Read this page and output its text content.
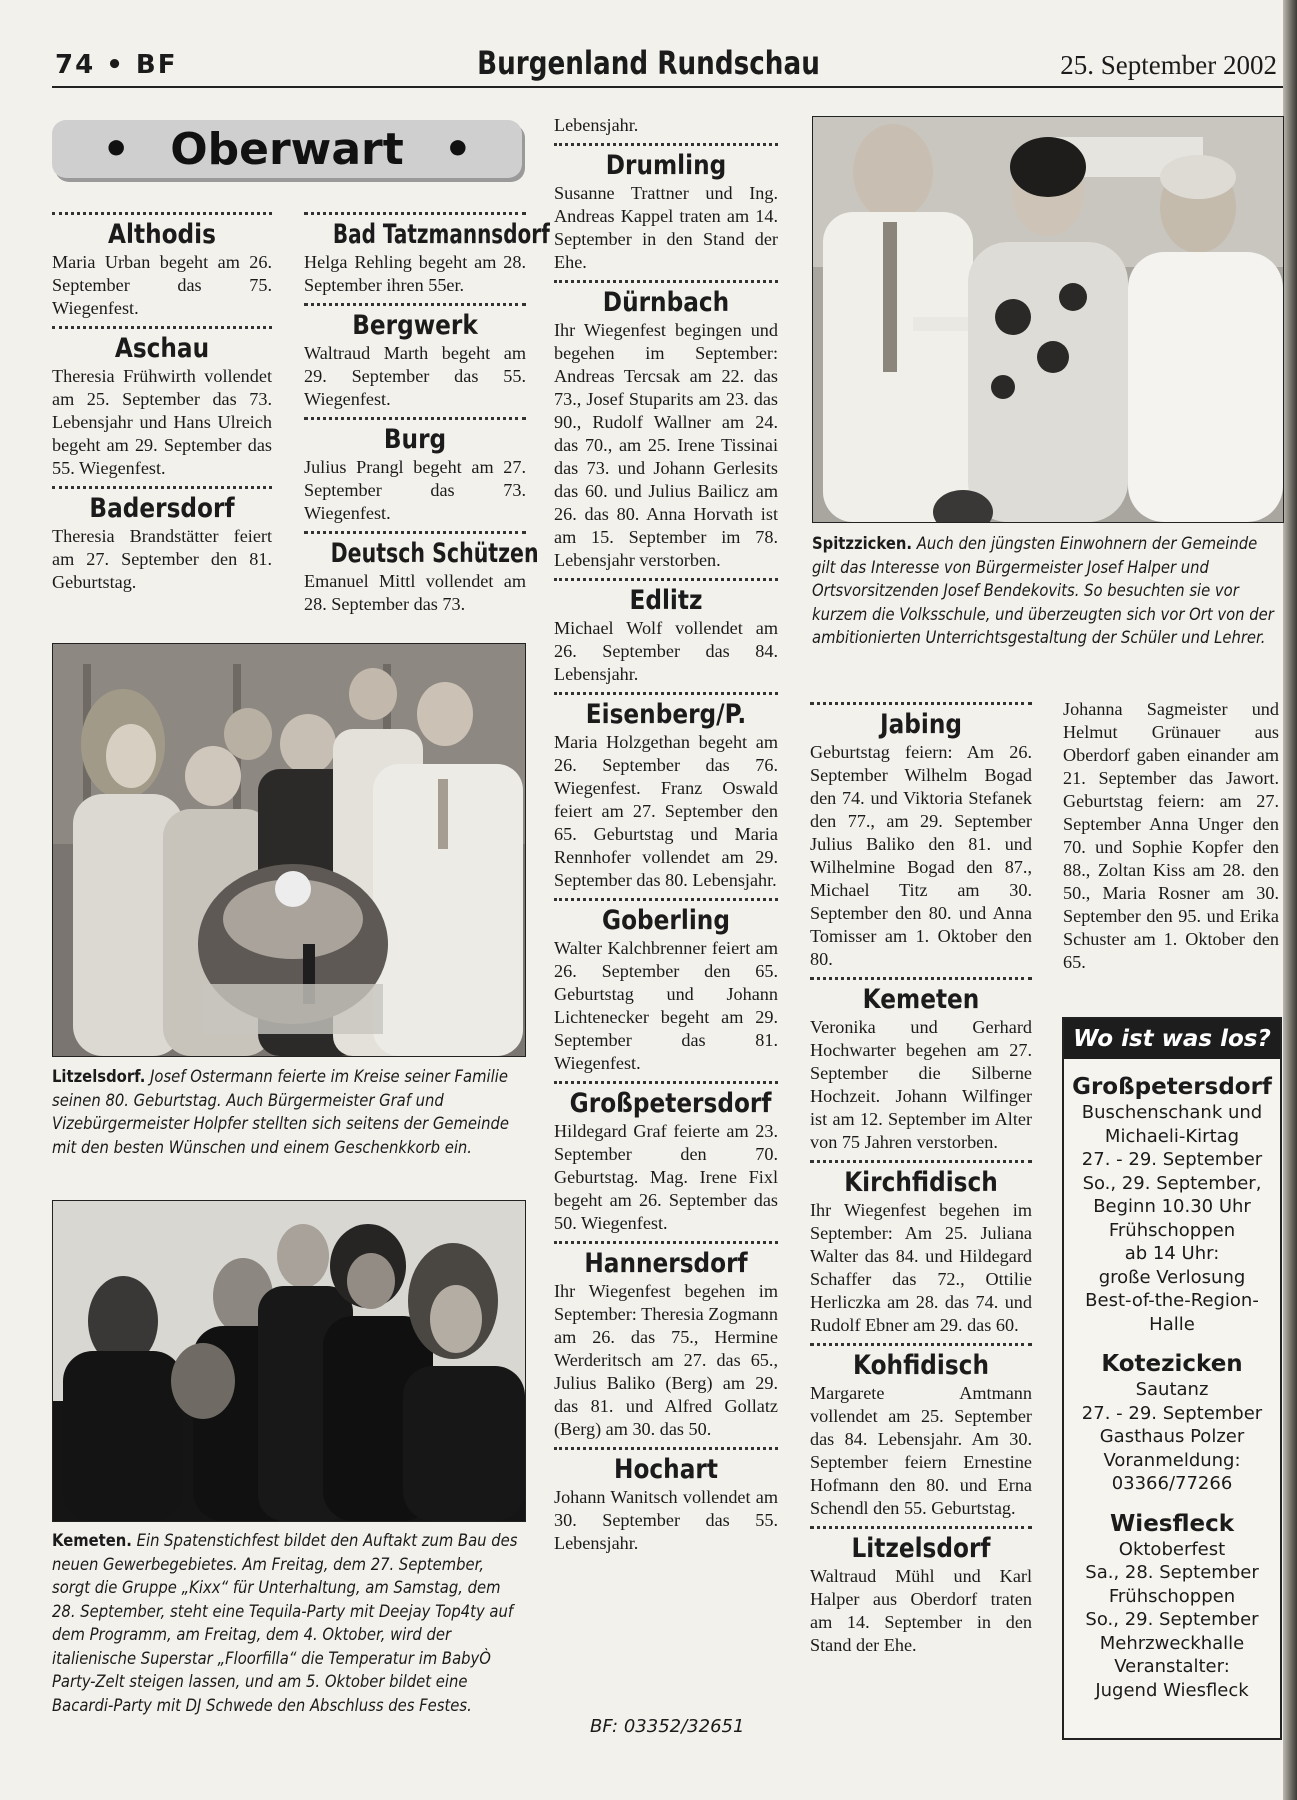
74 • BF	Burgenland Rundschau	25. September 2002
• Oberwart •
Althodis

Maria Urban begeht am 26. September das 75. Wiegenfest.

Aschau

Theresia Frühwirth vollendet am 25. September das 73. Lebensjahr und Hans Ulreich begeht am 29. September das 55. Wiegenfest.

Badersdorf

Theresia Brandstätter feiert am 27. September den 81. Geburtstag.

Bad Tatzmannsdorf

Helga Rehling begeht am 28. September ihren 55er.

Bergwerk

Waltraud Marth begeht am 29. September das 55. Wiegenfest.

Burg

Julius Prangl begeht am 27. September das 73. Wiegenfest.

Deutsch Schützen

Emanuel Mittl vollendet am 28. September das 73.

Litzelsdorf. Josef Ostermann feierte im Kreise seiner Familie seinen 80. Geburtstag. Auch Bürgermeister Graf und Vizebürgermeister Holpfer stellten sich seitens der Gemeinde mit den besten Wünschen und einem Geschenkkorb ein.
Kemeten. Ein Spatenstichfest bildet den Auftakt zum Bau des neuen Gewerbegebietes. Am Freitag, dem 27. September, sorgt die Gruppe „Kixx“ für Unterhaltung, am Samstag, dem 28. September, steht eine Tequila-Party mit Deejay Top4ty auf dem Programm, am Freitag, dem 4. Oktober, wird der italienische Superstar „Floorfilla“ die Temperatur im BabyÒ Party-Zelt steigen lassen, und am 5. Oktober bildet eine Bacardi-Party mit DJ Schwede den Abschluss des Festes.

Lebensjahr.

Drumling

Susanne Trattner und Ing. Andreas Kappel traten am 14. September in den Stand der Ehe.

Dürnbach

Ihr Wiegenfest begingen und begehen im September: Andreas Tercsak am 22. das 73., Josef Stuparits am 23. das 90., Rudolf Wallner am 24. das 70., am 25. Irene Tissinai das 73. und Johann Gerlesits das 60. und Julius Bailicz am 26. das 80. Anna Horvath ist am 15. September im 78. Lebensjahr verstorben.

Edlitz

Michael Wolf vollendet am 26. September das 84. Lebensjahr.

Eisenberg/P.

Maria Holzgethan begeht am 26. September das 76. Wiegenfest. Franz Oswald feiert am 27. September den 65. Geburtstag und Maria Rennhofer vollendet am 29. September das 80. Lebensjahr.

Goberling

Walter Kalchbrenner feiert am 26. September den 65. Geburtstag und Johann Lichtenecker begeht am 29. September das 81. Wiegenfest.

Großpetersdorf

Hildegard Graf feierte am 23. September den 70. Geburtstag. Mag. Irene Fixl begeht am 26. September das 50. Wiegenfest.

Hannersdorf

Ihr Wiegenfest begehen im September: Theresia Zogmann am 26. das 75., Hermine Werderitsch am 27. das 65., Julius Baliko (Berg) am 29. das 81. und Alfred Gollatz (Berg) am 30. das 50.

Hochart

Johann Wanitsch vollendet am 30. September das 55. Lebensjahr.

Spitzzicken. Auch den jüngsten Einwohnern der Gemeinde gilt das Interesse von Bürgermeister Josef Halper und Ortsvorsitzenden Josef Bendekovits. So besuchten sie vor kurzem die Volksschule, und überzeugten sich vor Ort von der ambitionierten Unterrichtsgestaltung der Schüler und Lehrer.
Jabing

Geburtstag feiern: Am 26. September Wilhelm Bogad den 74. und Viktoria Stefanek den 77., am 29. September Julius Baliko den 81. und Wilhelmine Bogad den 87., Michael Titz am 30. September den 80. und Anna Tomisser am 1. Oktober den 80.

Kemeten

Veronika und Gerhard Hochwarter begehen am 27. September die Silberne Hochzeit. Johann Wilfinger ist am 12. September im Alter von 75 Jahren verstorben.

Kirchfidisch

Ihr Wiegenfest begehen im September: Am 25. Juliana Walter das 84. und Hildegard Schaffer das 72., Ottilie Herliczka am 28. das 74. und Rudolf Ebner am 29. das 60.

Kohfidisch

Margarete Amtmann vollendet am 25. September das 84. Lebensjahr. Am 30. September feiern Ernestine Hofmann den 80. und Erna Schendl den 55. Geburtstag.

Litzelsdorf

Waltraud Mühl und Karl Halper aus Oberdorf traten am 14. September in den Stand der Ehe.

Johanna Sagmeister und Helmut Grünauer aus Oberdorf gaben einander am 21. September das Jawort. Geburtstag feiern: am 27. September Anna Unger den 70. und Sophie Kopfer den 88., Zoltan Kiss am 28. den 50., Maria Rosner am 30. September den 95. und Erika Schuster am 1. Oktober den 65.

Wo ist was los?
Großpetersdorf
Buschenschank und
Michaeli-Kirtag
27. - 29. September
So., 29. September,
Beginn 10.30 Uhr
Frühschoppen
ab 14 Uhr:
große Verlosung
Best-of-the-Region-
Halle
Kotezicken
Sautanz
27. - 29. September
Gasthaus Polzer
Voranmeldung:
03366/77266
Wiesfleck
Oktoberfest
Sa., 28. September
Frühschoppen
So., 29. September
Mehrzweckhalle
Veranstalter:
Jugend Wiesfleck
BF: 03352/32651
